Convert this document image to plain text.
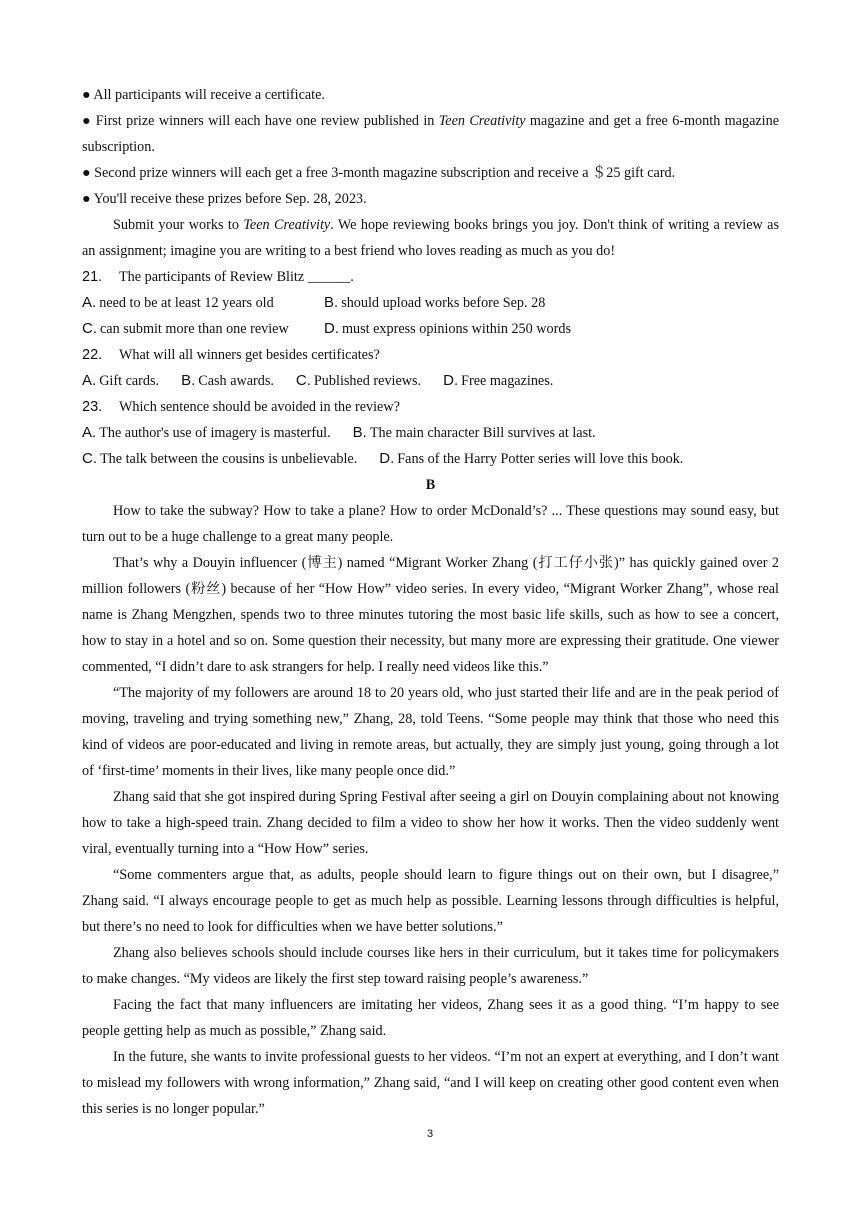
● All participants will receive a certificate.

● First prize winners will each have one review published in Teen Creativity magazine and get a free 6-month magazine subscription.

● Second prize winners will each get a free 3-month magazine subscription and receive a ＄25 gift card.

● You'll receive these prizes before Sep. 28, 2023.

Submit your works to Teen Creativity. We hope reviewing books brings you joy. Don't think of writing a review as an assignment; imagine you are writing to a best friend who loves reading as much as you do!

21. The participants of Review Blitz ______.

A. need to be at least 12 years old	B. should upload works before Sep. 28

C. can submit more than one review D. must express opinions within 250 words

22. What will all winners get besides certificates?

A. Gift cards. B. Cash awards. C. Published reviews. D. Free magazines.

23. Which sentence should be avoided in the review?

A. The author's use of imagery is masterful. B. The main character Bill survives at last.

C. The talk between the cousins is unbelievable. D. Fans of the Harry Potter series will love this book.

B

How to take the subway? How to take a plane? How to order McDonald’s? ... These questions may sound easy, but turn out to be a huge challenge to a great many people.

That’s why a Douyin influencer (博主) named “Migrant Worker Zhang (打工仔小张)” has quickly gained over 2 million followers (粉丝) because of her “How How” video series. In every video, “Migrant Worker Zhang”, whose real name is Zhang Mengzhen, spends two to three minutes tutoring the most basic life skills, such as how to see a concert, how to stay in a hotel and so on. Some question their necessity, but many more are expressing their gratitude. One viewer commented, “I didn’t dare to ask strangers for help. I really need videos like this.”

“The majority of my followers are around 18 to 20 years old, who just started their life and are in the peak period of moving, traveling and trying something new,” Zhang, 28, told Teens. “Some people may think that those who need this kind of videos are poor-educated and living in remote areas, but actually, they are simply just young, going through a lot of ‘first-time’ moments in their lives, like many people once did.”

Zhang said that she got inspired during Spring Festival after seeing a girl on Douyin complaining about not knowing how to take a high-speed train. Zhang decided to film a video to show her how it works. Then the video suddenly went viral, eventually turning into a “How How” series.

“Some commenters argue that, as adults, people should learn to figure things out on their own, but I disagree,” Zhang said. “I always encourage people to get as much help as possible. Learning lessons through difficulties is helpful, but there’s no need to look for difficulties when we have better solutions.”

Zhang also believes schools should include courses like hers in their curriculum, but it takes time for policymakers to make changes. “My videos are likely the first step toward raising people’s awareness.”

Facing the fact that many influencers are imitating her videos, Zhang sees it as a good thing. “I’m happy to see people getting help as much as possible,” Zhang said.

In the future, she wants to invite professional guests to her videos. “I’m not an expert at everything, and I don’t want to mislead my followers with wrong information,” Zhang said, “and I will keep on creating other good content even when this series is no longer popular.”

3
